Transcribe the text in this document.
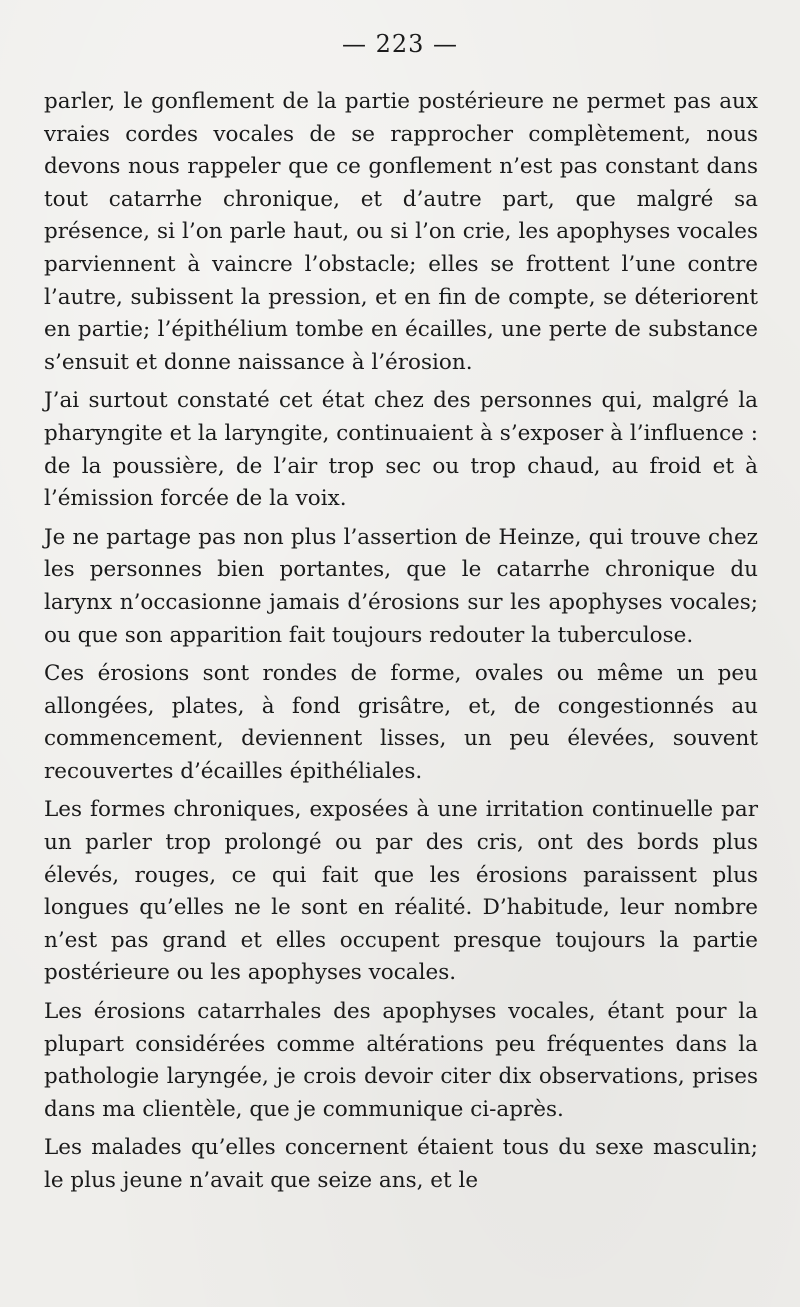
— 223 —

parler, le gonflement de la partie postérieure ne permet pas aux vraies cordes vocales de se rapprocher complètement, nous devons nous rappeler que ce gonflement n’est pas constant dans tout catarrhe chronique, et d’autre part, que malgré sa présence, si l’on parle haut, ou si l’on crie, les apophyses vocales parviennent à vaincre l’obstacle; elles se frottent l’une contre l’autre, subissent la pression, et en fin de compte, se déteriorent en partie; l’épithélium tombe en écailles, une perte de substance s’ensuit et donne naissance à l’érosion.

J’ai surtout constaté cet état chez des personnes qui, malgré la pharyngite et la laryngite, continuaient à s’exposer à l’influence : de la poussière, de l’air trop sec ou trop chaud, au froid et à l’émission forcée de la voix.

Je ne partage pas non plus l’assertion de Heinze, qui trouve chez les personnes bien portantes, que le catarrhe chronique du larynx n’occasionne jamais d’érosions sur les apophyses vocales; ou que son apparition fait toujours redouter la tuberculose.

Ces érosions sont rondes de forme, ovales ou même un peu allongées, plates, à fond grisâtre, et, de congestionnés au commencement, deviennent lisses, un peu élevées, souvent recouvertes d’écailles épithéliales.

Les formes chroniques, exposées à une irritation continuelle par un parler trop prolongé ou par des cris, ont des bords plus élevés, rouges, ce qui fait que les érosions paraissent plus longues qu’elles ne le sont en réalité. D’habitude, leur nombre n’est pas grand et elles occupent presque toujours la partie postérieure ou les apophyses vocales.

Les érosions catarrhales des apophyses vocales, étant pour la plupart considérées comme altérations peu fréquentes dans la pathologie laryngée, je crois devoir citer dix observations, prises dans ma clientèle, que je communique ci-après.

Les malades qu’elles concernent étaient tous du sexe masculin; le plus jeune n’avait que seize ans, et le
